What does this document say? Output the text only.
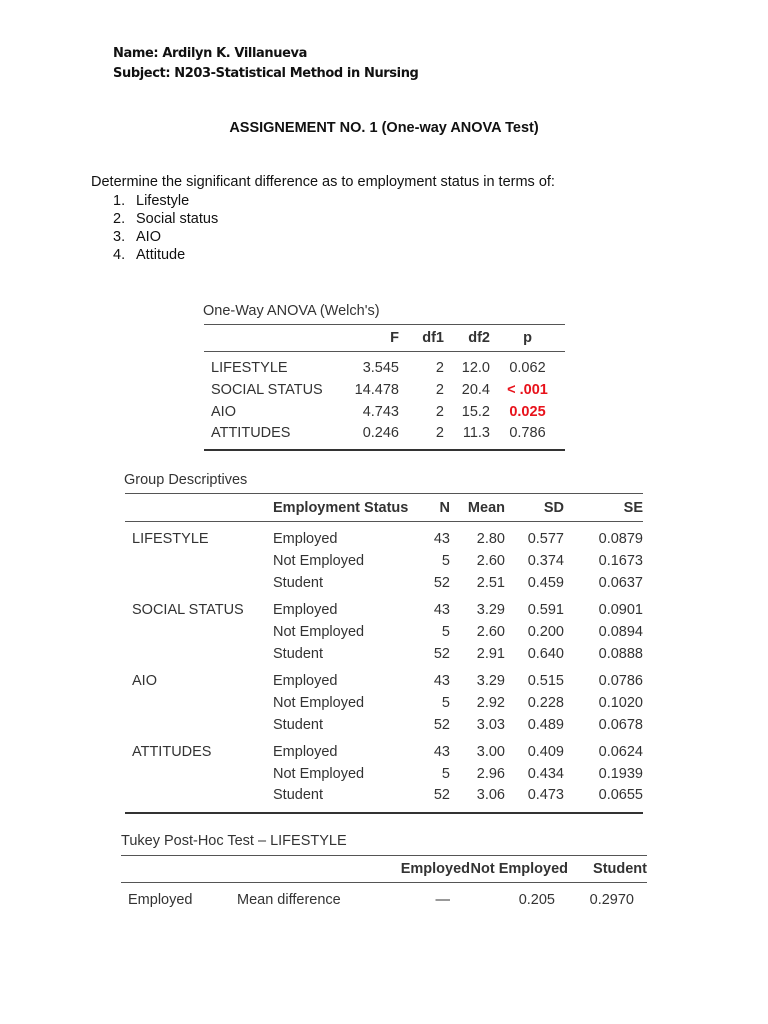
Name: Ardilyn K. Villanueva
Subject: N203-Statistical Method in Nursing
ASSIGNEMENT NO. 1 (One-way ANOVA Test)
Determine the significant difference as to employment status in terms of:
1. Lifestyle
2. Social status
3. AIO
4. Attitude
One-Way ANOVA (Welch's)
	F	df1	df2	p
LIFESTYLE	3.545	2	12.0	0.062
SOCIAL STATUS	14.478	2	20.4	< .001
AIO	4.743	2	15.2	0.025
ATTITUDES	0.246	2	11.3	0.786
Group Descriptives
	Employment Status	N	Mean	SD	SE
LIFESTYLE	Employed	43	2.80	0.577	0.0879
	Not Employed	5	2.60	0.374	0.1673
	Student	52	2.51	0.459	0.0637
SOCIAL STATUS	Employed	43	3.29	0.591	0.0901
	Not Employed	5	2.60	0.200	0.0894
	Student	52	2.91	0.640	0.0888
AIO	Employed	43	3.29	0.515	0.0786
	Not Employed	5	2.92	0.228	0.1020
	Student	52	3.03	0.489	0.0678
ATTITUDES	Employed	43	3.00	0.409	0.0624
	Not Employed	5	2.96	0.434	0.1939
	Student	52	3.06	0.473	0.0655
Tukey Post-Hoc Test – LIFESTYLE
		Employed	Not Employed	Student
Employed	Mean difference	—	0.205	0.2970
